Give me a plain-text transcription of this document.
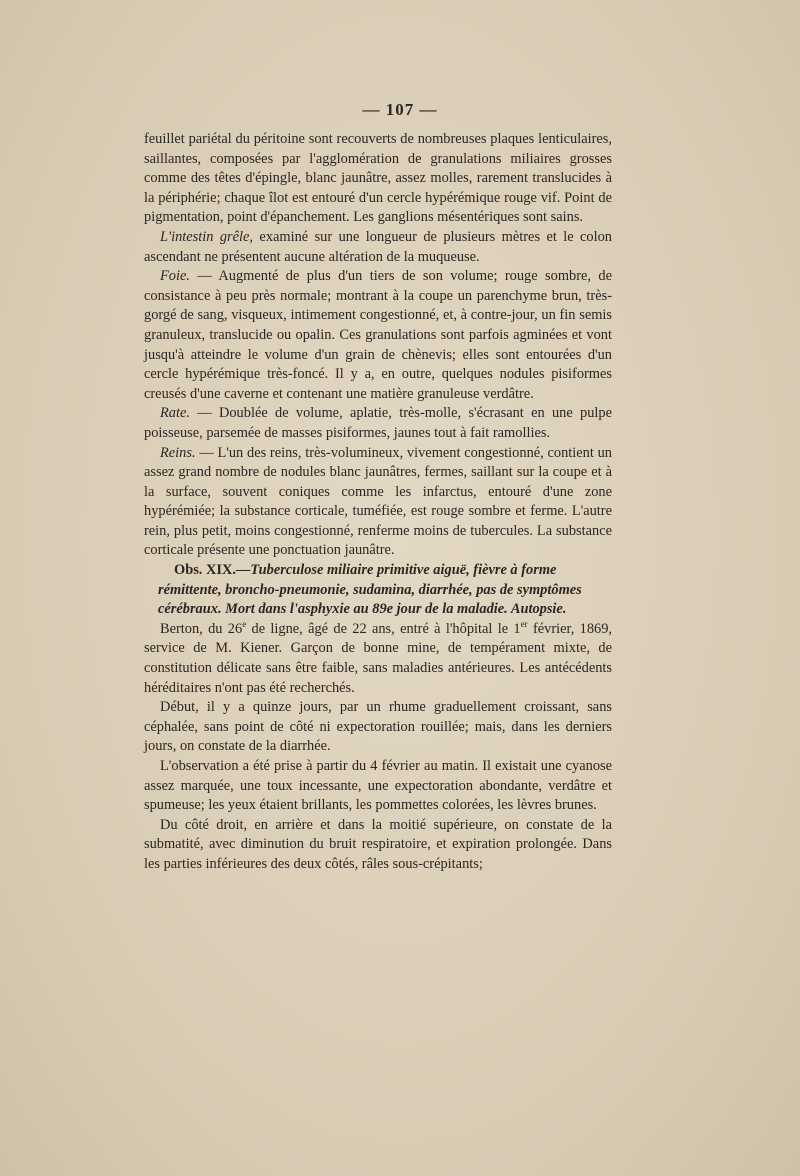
— 107 —

feuillet pariétal du péritoine sont recouverts de nombreuses plaques lenticulaires, saillantes, composées par l'agglomération de granulations miliaires grosses comme des têtes d'épingle, blanc jaunâtre, assez molles, rarement translucides à la périphérie; chaque îlot est entouré d'un cercle hypérémique rouge vif. Point de pigmentation, point d'épanchement. Les ganglions mésentériques sont sains.

L'intestin grêle, examiné sur une longueur de plusieurs mètres et le colon ascendant ne présentent aucune altération de la muqueuse.

Foie. — Augmenté de plus d'un tiers de son volume; rouge sombre, de consistance à peu près normale; montrant à la coupe un parenchyme brun, très-gorgé de sang, visqueux, intimement congestionné, et, à contre-jour, un fin semis granuleux, translucide ou opalin. Ces granulations sont parfois agminées et vont jusqu'à atteindre le volume d'un grain de chènevis; elles sont entourées d'un cercle hypérémique très-foncé. Il y a, en outre, quelques nodules pisiformes creusés d'une caverne et contenant une matière granuleuse verdâtre.

Rate. — Doublée de volume, aplatie, très-molle, s'écrasant en une pulpe poisseuse, parsemée de masses pisiformes, jaunes tout à fait ramollies.

Reins. — L'un des reins, très-volumineux, vivement congestionné, contient un assez grand nombre de nodules blanc jaunâtres, fermes, saillant sur la coupe et à la surface, souvent coniques comme les infarctus, entouré d'une zone hypérémiée; la substance corticale, tuméfiée, est rouge sombre et ferme. L'autre rein, plus petit, moins congestionné, renferme moins de tubercules. La substance corticale présente une ponctuation jaunâtre.

Obs. XIX.—Tuberculose miliaire primitive aiguë, fièvre à forme rémittente, broncho-pneumonie, sudamina, diarrhée, pas de symptômes cérébraux. Mort dans l'asphyxie au 89e jour de la maladie. Autopsie.

Berton, du 26e de ligne, âgé de 22 ans, entré à l'hôpital le 1er février, 1869, service de M. Kiener. Garçon de bonne mine, de tempérament mixte, de constitution délicate sans être faible, sans maladies antérieures. Les antécédents héréditaires n'ont pas été recherchés.

Début, il y a quinze jours, par un rhume graduellement croissant, sans céphalée, sans point de côté ni expectoration rouillée; mais, dans les derniers jours, on constate de la diarrhée.

L'observation a été prise à partir du 4 février au matin. Il existait une cyanose assez marquée, une toux incessante, une expectoration abondante, verdâtre et spumeuse; les yeux étaient brillants, les pommettes colorées, les lèvres brunes.

Du côté droit, en arrière et dans la moitié supérieure, on constate de la submatité, avec diminution du bruit respiratoire, et expiration prolongée. Dans les parties inférieures des deux côtés, râles sous-crépitants;
